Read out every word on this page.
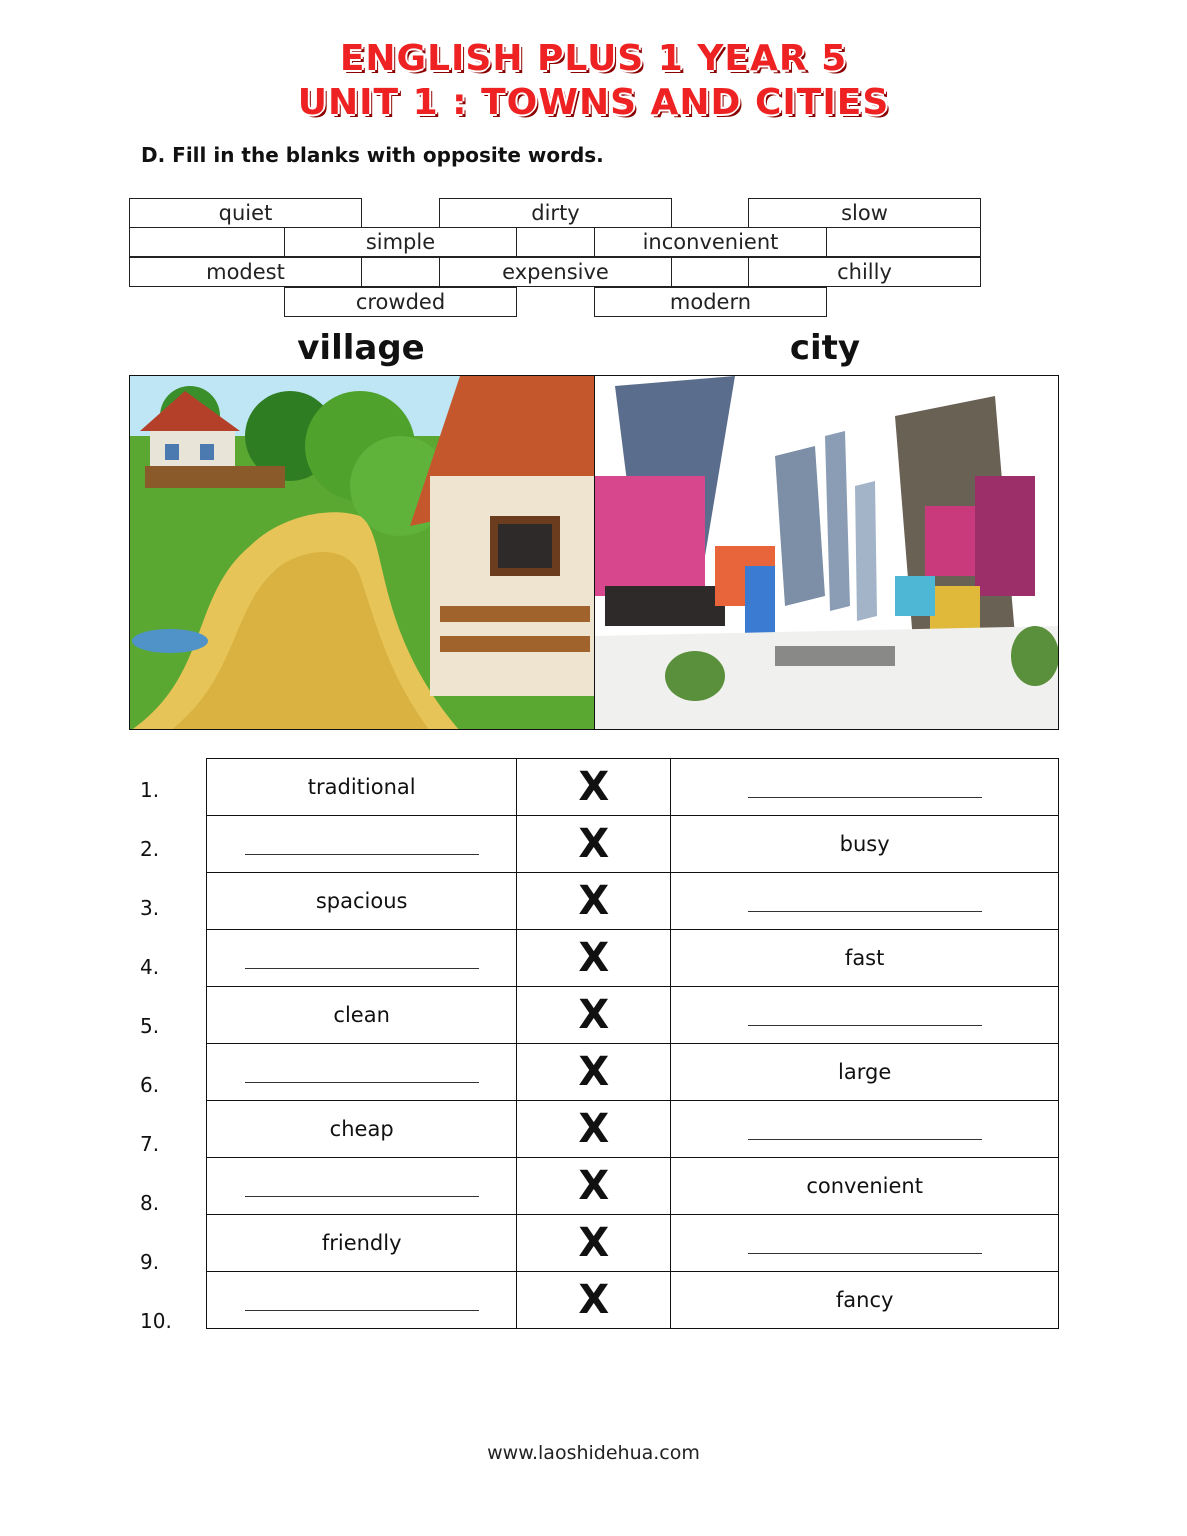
ENGLISH PLUS 1 YEAR 5
UNIT 1 : TOWNS AND CITIES
D. Fill in the blanks with opposite words.
quiet	dirty	slow
simple	inconvenient
modest	expensive	chilly
crowded	modern
village	city
1.
2.
3.
4.
5.
6.
7.
8.
9.
10.
traditional	X	
	X	busy
spacious	X	
	X	fast
clean	X	
	X	large
cheap	X	
	X	convenient
friendly	X	
	X	fancy
www.laoshidehua.com
